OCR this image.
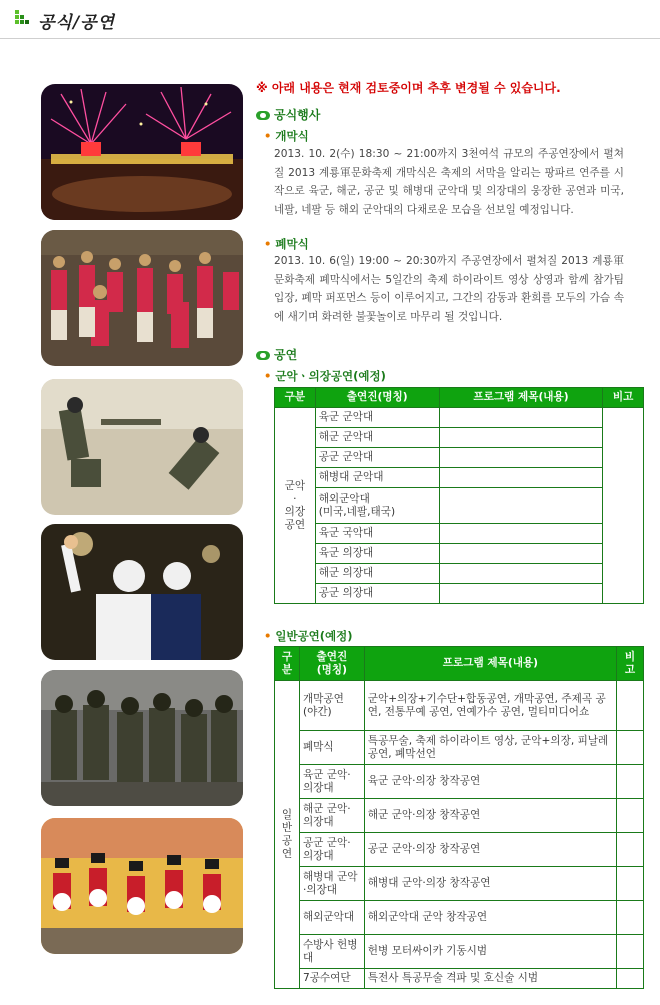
공식/공연
※ 아래 내용은 현재 검토중이며 추후 변경될 수 있습니다.
공식행사
• 개막식
2013. 10. 2(수) 18:30 ~ 21:00까지 3천여석 규모의 주공연장에서 펼쳐질 2013 계룡軍문화축제 개막식은 축제의 서막을 알리는 팡파르 연주를 시작으로 육군, 해군, 공군 및 해병대 군악대 및 의장대의 웅장한 공연과 미국, 네팔, 네팔 등 해외 군악대의 다채로운 모습을 선보일 예정입니다.
• 폐막식
2013. 10. 6(일) 19:00 ~ 20:30까지 주공연장에서 펼쳐질 2013 계룡軍문화축제 폐막식에서는 5일간의 축제 하이라이트 영상 상영과 함께 참가팀 입장, 폐막 퍼포먼스 등이 이루어지고, 그간의 감동과 환희를 모두의 가슴 속에 새기며 화려한 불꽃놀이로 마무리 될 것입니다.
공연
• 군악ㆍ의장공연(예정)
구분	출연진(명칭)	프로그램 제목(내용)	비고
군악
·
의장
공연	육군 군악대		
	해군 군악대		
	공군 군악대		
	해병대 군악대		
	해외군악대
(미국,네팔,태국)		
	육군 국악대		
	육군 의장대		
	해군 의장대		
	공군 의장대		
• 일반공연(예정)
구
분	출연진
(명칭)	프로그램 제목(내용)	비
고
일
반
공
연	개막공연
(야간)	군악+의장+기수단+합동공연, 개막공연, 주제곡 공연, 전통무예 공연, 연예가수 공연, 멀티미디어쇼	
	폐막식	특공무술, 축제 하이라이트 영상, 군악+의장, 피날레 공연, 폐막선언	
	육군 군악·의장대	육군 군악·의장 창작공연	
	해군 군악·의장대	해군 군악·의장 창작공연	
	공군 군악·의장대	공군 군악·의장 창작공연	
	해병대 군악·의장대	해병대 군악·의장 창작공연	
	해외군악대	해외군악대 군악 창작공연	
	수방사 헌병대	헌병 모터싸이카 기동시범	
	7공수여단	특전사 특공무술 격파 및 호신술 시범	
